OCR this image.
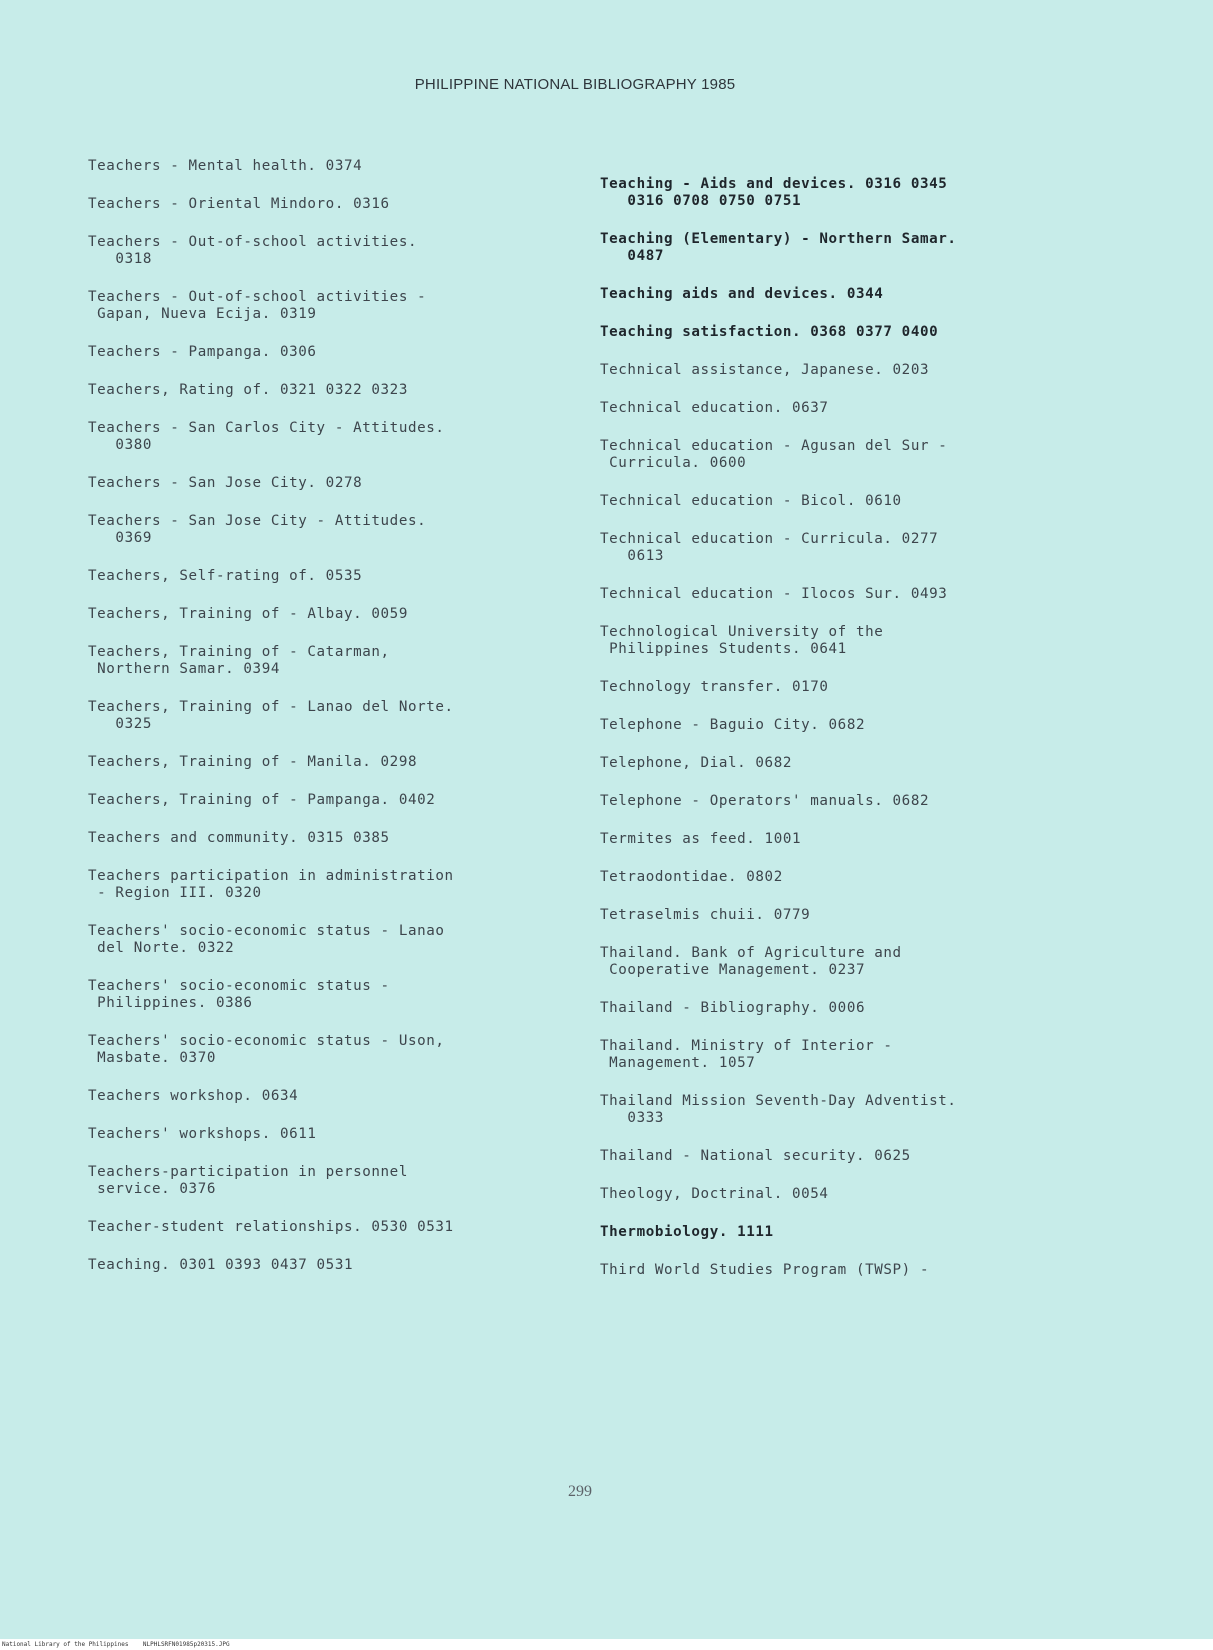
PHILIPPINE NATIONAL BIBLIOGRAPHY 1985
Teachers - Mental health. 0374
Teachers - Oriental Mindoro. 0316
Teachers - Out-of-school activities.
0318
Teachers - Out-of-school activities -
Gapan, Nueva Ecija. 0319
Teachers - Pampanga. 0306
Teachers, Rating of. 0321 0322 0323
Teachers - San Carlos City - Attitudes.
0380
Teachers - San Jose City. 0278
Teachers - San Jose City - Attitudes.
0369
Teachers, Self-rating of. 0535
Teachers, Training of - Albay. 0059
Teachers, Training of - Catarman,
Northern Samar. 0394
Teachers, Training of - Lanao del Norte.
0325
Teachers, Training of - Manila. 0298
Teachers, Training of - Pampanga. 0402
Teachers and community. 0315 0385
Teachers participation in administration
- Region III. 0320
Teachers' socio-economic status - Lanao
del Norte. 0322
Teachers' socio-economic status -
Philippines. 0386
Teachers' socio-economic status - Uson,
Masbate. 0370
Teachers workshop. 0634
Teachers' workshops. 0611
Teachers-participation in personnel
service. 0376
Teacher-student relationships. 0530 0531
Teaching. 0301 0393 0437 0531
Teaching - Aids and devices. 0316 0345
0316 0708 0750 0751
Teaching (Elementary) - Northern Samar.
0487
Teaching aids and devices. 0344
Teaching satisfaction. 0368 0377 0400
Technical assistance, Japanese. 0203
Technical education. 0637
Technical education - Agusan del Sur -
Curricula. 0600
Technical education - Bicol. 0610
Technical education - Curricula. 0277
0613
Technical education - Ilocos Sur. 0493
Technological University of the
Philippines Students. 0641
Technology transfer. 0170
Telephone - Baguio City. 0682
Telephone, Dial. 0682
Telephone - Operators' manuals. 0682
Termites as feed. 1001
Tetraodontidae. 0802
Tetraselmis chuii. 0779
Thailand. Bank of Agriculture and
Cooperative Management. 0237
Thailand - Bibliography. 0006
Thailand. Ministry of Interior -
Management. 1057
Thailand Mission Seventh-Day Adventist.
0333
Thailand - National security. 0625
Theology, Doctrinal. 0054
Thermobiology. 1111
Third World Studies Program (TWSP) -
299
National Library of the Philippines    NLPHLSRFN01985p20315.JPG
